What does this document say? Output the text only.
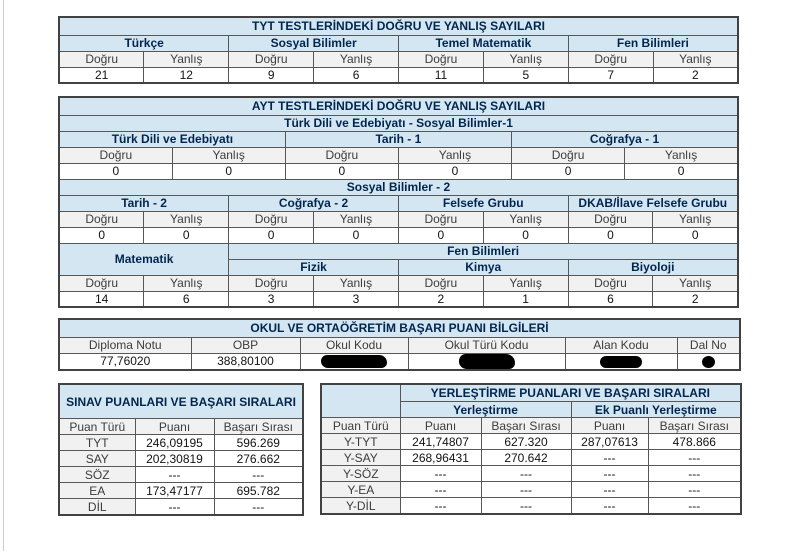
TYT TESTLERİNDEKİ DOĞRU VE YANLIŞ SAYILARI							
Türkçe		Sosyal Bilimler		Temel Matematik		Fen Bilimleri	
Doğru	Yanlış	Doğru	Yanlış	Doğru	Yanlış	Doğru	Yanlış
21	12	9	6	11	5	7	2
AYT TESTLERİNDEKİ DOĞRU VE YANLIŞ SAYILARI											
Türk Dili ve Edebiyatı - Sosyal Bilimler-1											
Türk Dili ve Edebiyatı				Tarih - 1				Coğrafya - 1			
Doğru		Yanlış		Doğru		Yanlış		Doğru		Yanlış	
0		0		0		0		0		0	
Sosyal Bilimler - 2											
Tarih - 2			Coğrafya - 2			Felsefe Grubu			DKAB/İlave Felsefe Grubu		
Doğru	Yanlış		Doğru		Yanlış	Doğru	Yanlış		Doğru		Yanlış
0	0		0		0	0	0		0		0
Matematik			Fen Bilimleri								
			Fizik			Kimya			Biyoloji		
Doğru	Yanlış		Doğru		Yanlış	Doğru	Yanlış		Doğru		Yanlış
14	6		3		3	2	1		6		2
OKUL VE ORTAÖĞRETİM BAŞARI PUANI BİLGİLERİ					
Diploma Notu	OBP	Okul Kodu	Okul Türü Kodu	Alan Kodu	Dal No
77,76020	388,80100				
SINAV PUANLARI VE BAŞARI SIRALARI		
Puan Türü	Puanı	Başarı Sırası
TYT	246,09195	596.269
SAY	202,30819	276.662
SÖZ	---	---
EA	173,47177	695.782
DİL	---	---
	YERLEŞTİRME PUANLARI VE BAŞARI SIRALARI			
	Yerleştirme		Ek Puanlı Yerleştirme	
Puan Türü	Puanı	Başarı Sırası	Puanı	Başarı Sırası
Y-TYT	241,74807	627.320	287,07613	478.866
Y-SAY	268,96431	270.642	---	---
Y-SÖZ	---	---	---	---
Y-EA	---	---	---	---
Y-DİL	---	---	---	---
